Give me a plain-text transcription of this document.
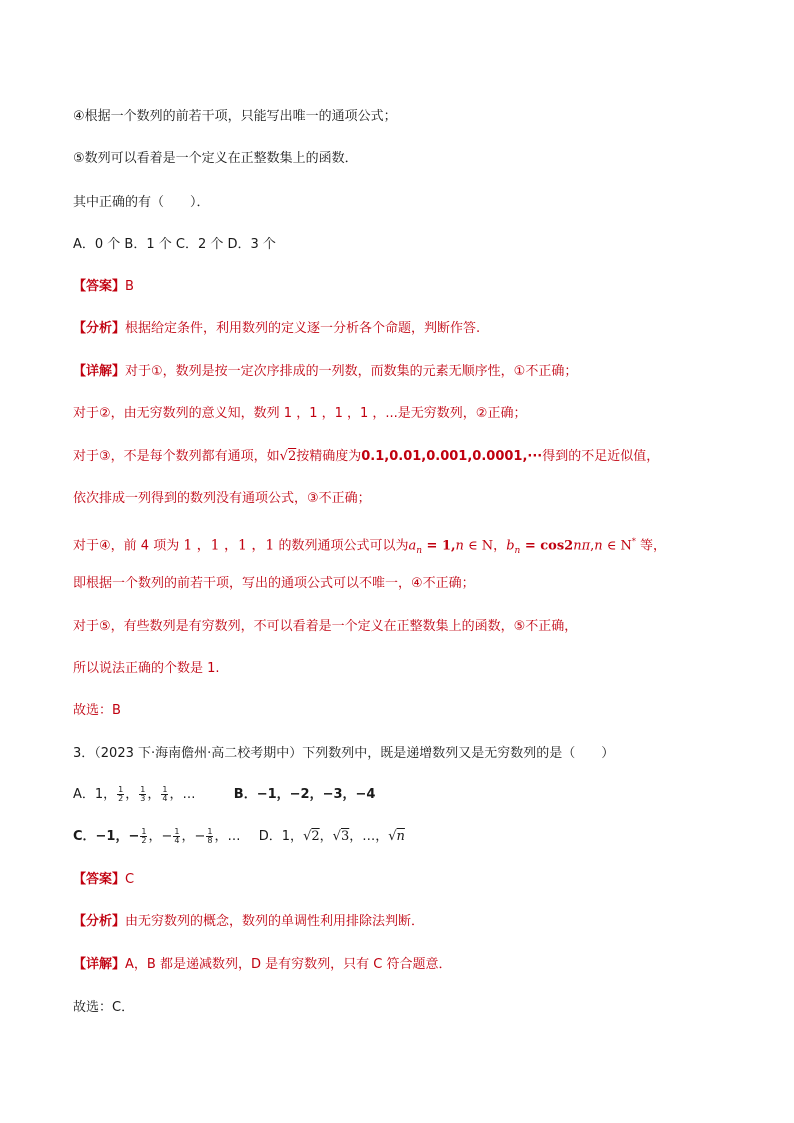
④根据一个数列的前若干项，只能写出唯一的通项公式；
⑤数列可以看着是一个定义在正整数集上的函数．
其中正确的有（　　）．
A．0 个 B．1 个 C．2 个 D．3 个
【答案】B
【分析】根据给定条件，利用数列的定义逐一分析各个命题，判断作答.
【详解】对于①，数列是按一定次序排成的一列数，而数集的元素无顺序性，①不正确；
对于②，由无穷数列的意义知，数列 1 ，1 ，1 ，1 ，...是无穷数列，②正确；
对于③，不是每个数列都有通项，如√2按精确度为0.1,0.01,0.001,0.0001,···得到的不足近似值，
依次排成一列得到的数列没有通项公式，③不正确；
对于④，前 4 项为 1 ，1 ，1 ，1 的数列通项公式可以为$a_n = 1,n$ ∈ N，$b_n = \cos 2n\pi,n$ ∈ N* 等，
即根据一个数列的前若干项，写出的通项公式可以不唯一，④不正确；
对于⑤，有些数列是有穷数列，不可以看着是一个定义在正整数集上的函数，⑤不正确，
所以说法正确的个数是 1.
故选：B
3．（2023 下·海南儋州·高二校考期中）下列数列中，既是递增数列又是无穷数列的是（　　）
A．1， $\frac{1}{2}$ ， $\frac{1}{3}$ ， $\frac{1}{4}$ ，…	B．−1，−2，−3，−4
C．−1，− $\frac{1}{2}$ ，− $\frac{1}{4}$ ，− $\frac{1}{8}$ ，… D．1，√2，√3，…，√n
【答案】C
【分析】由无穷数列的概念，数列的单调性利用排除法判断．
【详解】A，B 都是递减数列，D 是有穷数列，只有 C 符合题意．
故选：C．
